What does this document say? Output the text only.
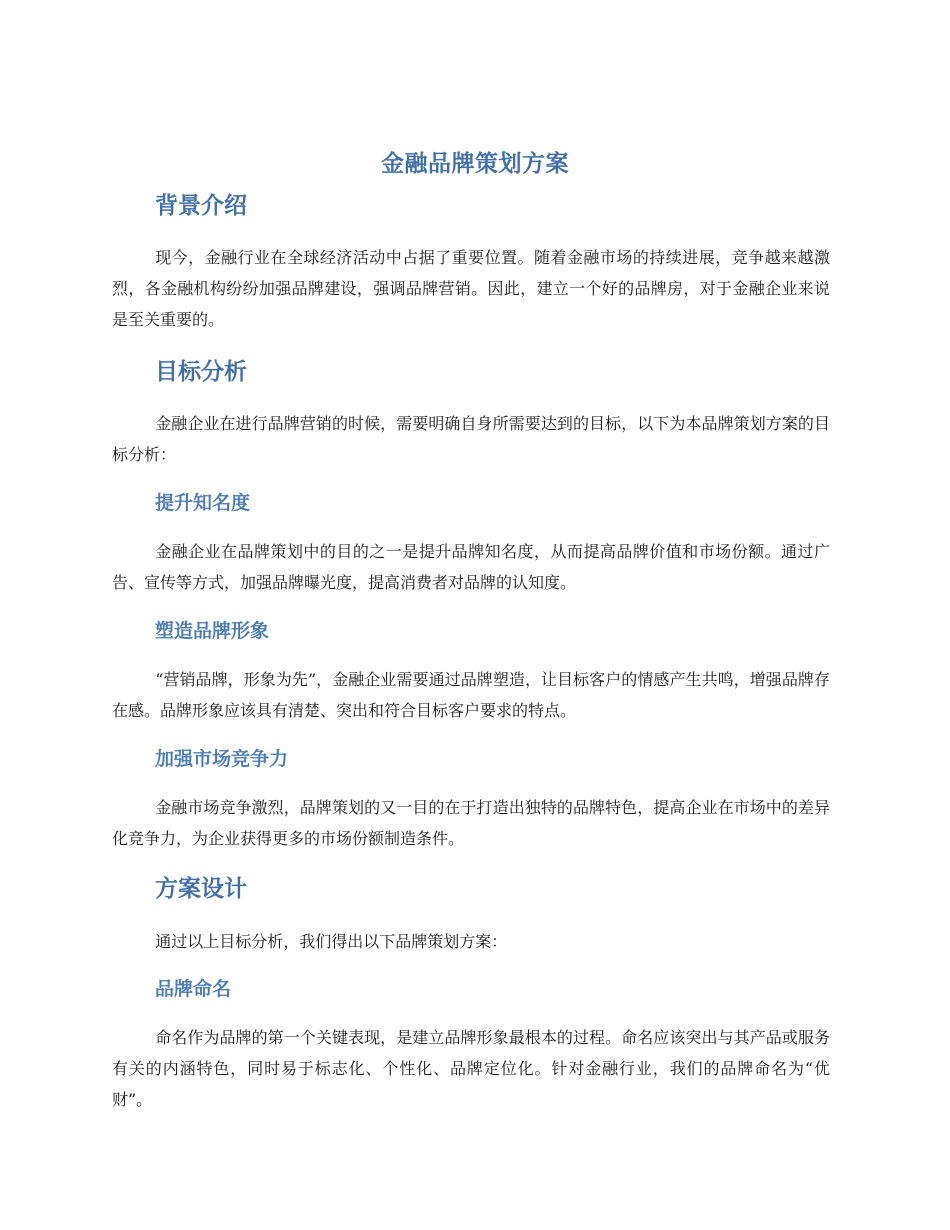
金融品牌策划方案
背景介绍
现今，金融行业在全球经济活动中占据了重要位置。随着金融市场的持续进展，竞争越来越激烈，各金融机构纷纷加强品牌建设，强调品牌营销。因此，建立一个好的品牌房，对于金融企业来说是至关重要的。
目标分析
金融企业在进行品牌营销的时候，需要明确自身所需要达到的目标，以下为本品牌策划方案的目标分析：
提升知名度
金融企业在品牌策划中的目的之一是提升品牌知名度，从而提高品牌价值和市场份额。通过广告、宣传等方式，加强品牌曝光度，提高消费者对品牌的认知度。
塑造品牌形象
“营销品牌，形象为先”，金融企业需要通过品牌塑造，让目标客户的情感产生共鸣，增强品牌存在感。品牌形象应该具有清楚、突出和符合目标客户要求的特点。
加强市场竞争力
金融市场竞争激烈，品牌策划的又一目的在于打造出独特的品牌特色，提高企业在市场中的差异化竞争力，为企业获得更多的市场份额制造条件。
方案设计
通过以上目标分析，我们得出以下品牌策划方案：
品牌命名
命名作为品牌的第一个关键表现，是建立品牌形象最根本的过程。命名应该突出与其产品或服务有关的内涵特色，同时易于标志化、个性化、品牌定位化。针对金融行业，我们的品牌命名为“优财”。
